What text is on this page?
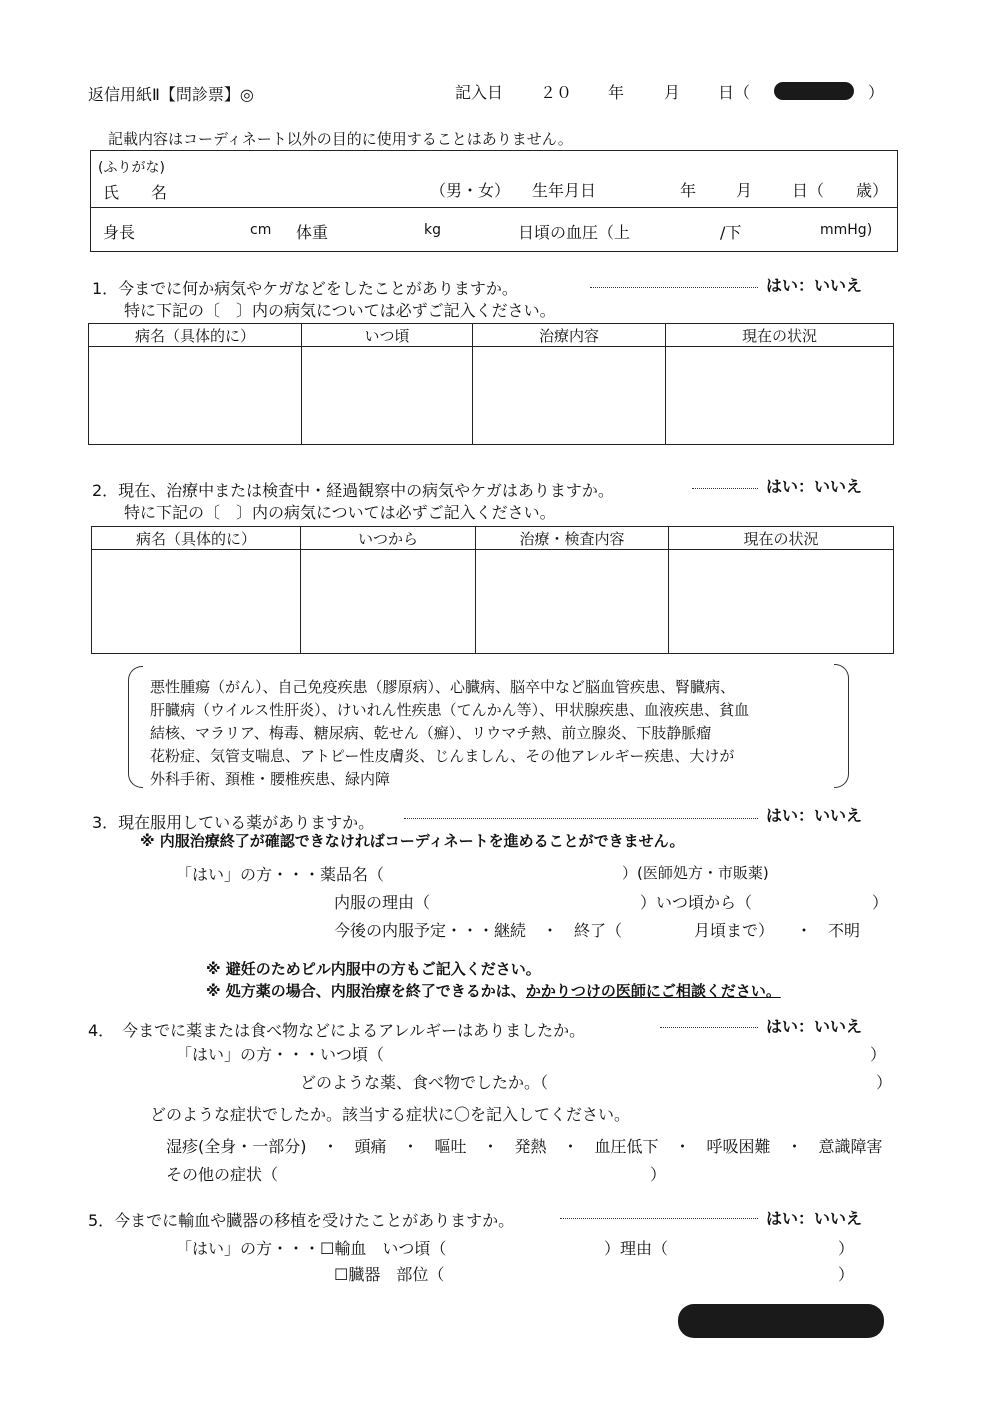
返信用紙Ⅱ【問診票】◎	記入日 ２０ 年 月 日（	）
記載内容はコーディネート以外の目的に使用することはありません。
(ふりがな)
氏　　名	（男・女） 生年月日	年 月 日（ 歳）
身長	cm 体重	kg	日頃の血圧（上	/下	mmHg)
1．今までに何か病気やケガなどをしたことがありますか。	はい：いいえ
特に下記の〔　〕内の病気については必ずご記入ください。
病名（具体的に）	いつ頃	治療内容	現在の状況

2．現在、治療中または検査中・経過観察中の病気やケガはありますか。	はい：いいえ
特に下記の〔　〕内の病気については必ずご記入ください。
病名（具体的に）	いつから	治療・検査内容	現在の状況

悪性腫瘍（がん）、自己免疫疾患（膠原病）、心臓病、脳卒中など脳血管疾患、腎臓病、
肝臓病（ウイルス性肝炎）、けいれん性疾患（てんかん等）、甲状腺疾患、血液疾患、貧血
結核、マラリア、梅毒、糖尿病、乾せん（癬）、リウマチ熱、前立腺炎、下肢静脈瘤
花粉症、気管支喘息、アトピー性皮膚炎、じんましん、その他アレルギー疾患、大けが
外科手術、頚椎・腰椎疾患、緑内障
3．現在服用している薬がありますか。	はい：いいえ
※ 内服治療終了が確認できなければコーディネートを進めることができません。
「はい」の方・・・薬品名（	）(医師処方・市販薬)
内服の理由（	）いつ頃から（	）
今後の内服予定・・・継続　・　終了（	月頃まで） ・　不明
※ 避妊のためピル内服中の方もご記入ください。
※ 処方薬の場合、内服治療を終了できるかは、かかりつけの医師にご相談ください。
4．　今までに薬または食べ物などによるアレルギーはありましたか。	はい：いいえ
「はい」の方・・・いつ頃（	）
どのような薬、食べ物でしたか。（	）
どのような症状でしたか。該当する症状に〇を記入してください。
湿疹(全身・一部分)　・　頭痛　・　嘔吐　・　発熱　・　血圧低下　・　呼吸困難　・　意識障害
その他の症状（	）
5．今までに輸血や臓器の移植を受けたことがありますか。	はい：いいえ
「はい」の方・・・☐輸血　いつ頃（	）理由（	）
☐臓器　部位（	）
